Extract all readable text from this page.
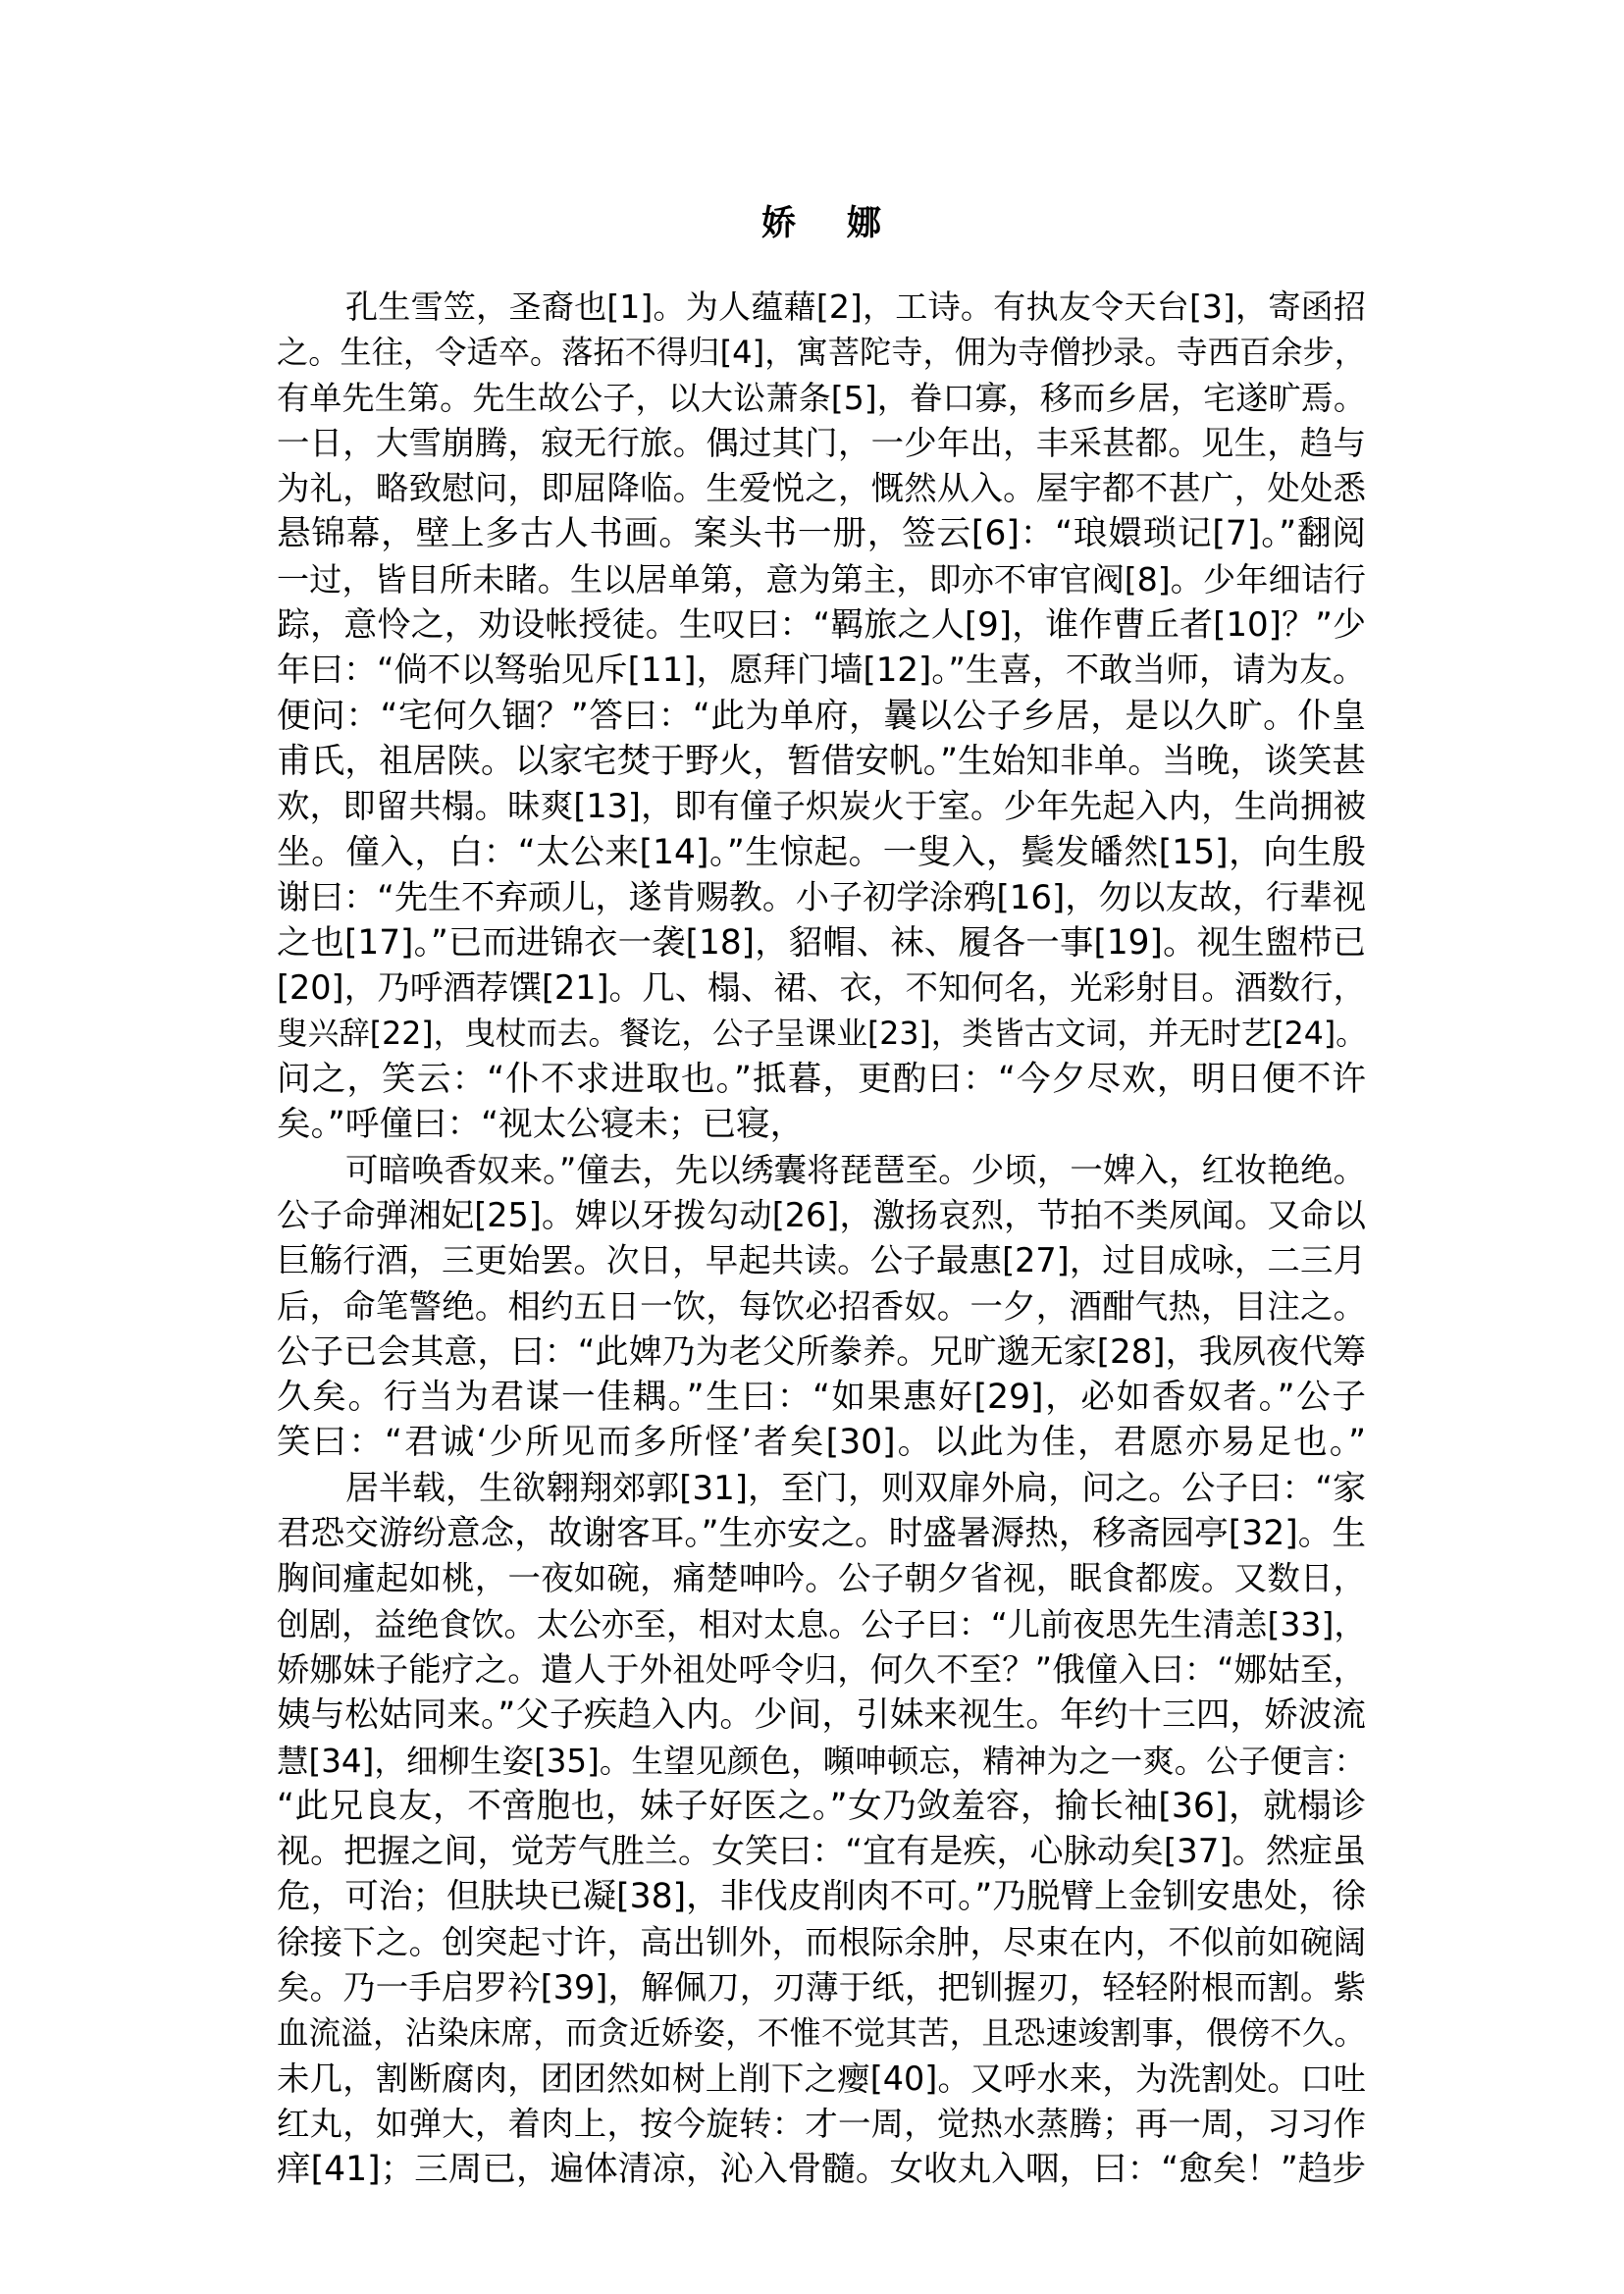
娇 娜
孔生雪笠，圣裔也[1]。为人蕴藉[2]，工诗。有执友令天台[3]，寄函招
之。生往，令适卒。落拓不得归[4]，寓菩陀寺，佣为寺僧抄录。寺西百余步，
有单先生第。先生故公子，以大讼萧条[5]，眷口寡，移而乡居，宅遂旷焉。
一日，大雪崩腾，寂无行旅。偶过其门，一少年出，丰采甚都。见生，趋与
为礼，略致慰问，即屈降临。生爱悦之，慨然从入。屋宇都不甚广，处处悉
悬锦幕，壁上多古人书画。案头书一册，签云[6]：“琅嬛琐记[7]。”翻阅
一过，皆目所未睹。生以居单第，意为第主，即亦不审官阀[8]。少年细诘行
踪，意怜之，劝设帐授徒。生叹曰：“羁旅之人[9]，谁作曹丘者[10]？”少
年曰：“倘不以驽骀见斥[11]，愿拜门墙[12]。”生喜，不敢当师，请为友。
便问：“宅何久锢？”答曰：“此为单府，曩以公子乡居，是以久旷。仆皇
甫氏，祖居陕。以家宅焚于野火，暂借安帆。”生始知非单。当晚，谈笑甚
欢，即留共榻。昧爽[13]，即有僮子炽炭火于室。少年先起入内，生尚拥被
坐。僮入，白：“太公来[14]。”生惊起。一叟入，鬓发皤然[15]，向生殷
谢曰：“先生不弃顽儿，遂肯赐教。小子初学涂鸦[16]，勿以友故，行辈视
之也[17]。”已而进锦衣一袭[18]，貂帽、袜、履各一事[19]。视生盥栉已
[20]，乃呼酒荐馔[21]。几、榻、裙、衣，不知何名，光彩射目。酒数行，
叟兴辞[22]，曳杖而去。餐讫，公子呈课业[23]，类皆古文词，并无时艺[24]。
问之，笑云：“仆不求进取也。”抵暮，更酌曰：“今夕尽欢，明日便不许
矣。”呼僮曰：“视太公寝未；已寝，
可暗唤香奴来。”僮去，先以绣囊将琵琶至。少顷，一婢入，红妆艳绝。
公子命弹湘妃[25]。婢以牙拨勾动[26]，激扬哀烈，节拍不类夙闻。又命以
巨觞行酒，三更始罢。次日，早起共读。公子最惠[27]，过目成咏，二三月
后，命笔警绝。相约五日一饮，每饮必招香奴。一夕，酒酣气热，目注之。
公子已会其意，曰：“此婢乃为老父所豢养。兄旷邈无家[28]，我夙夜代筹
久矣。行当为君谋一佳耦。”生曰：“如果惠好[29]，必如香奴者。”公子
笑曰：“君诚‘少所见而多所怪’者矣[30]。以此为佳，君愿亦易足也。”
居半载，生欲翱翔郊郭[31]，至门，则双扉外扃，问之。公子曰：“家
君恐交游纷意念，故谢客耳。”生亦安之。时盛暑溽热，移斋园亭[32]。生
胸间瘇起如桃，一夜如碗，痛楚呻吟。公子朝夕省视，眠食都废。又数日，
创剧，益绝食饮。太公亦至，相对太息。公子曰：“儿前夜思先生清恙[33]，
娇娜妹子能疗之。遣人于外祖处呼令归，何久不至？”俄僮入曰：“娜姑至，
姨与松姑同来。”父子疾趋入内。少间，引妹来视生。年约十三四，娇波流
慧[34]，细柳生姿[35]。生望见颜色，嚬呻顿忘，精神为之一爽。公子便言：
“此兄良友，不啻胞也，妹子好医之。”女乃敛羞容，揄长袖[36]，就榻诊
视。把握之间，觉芳气胜兰。女笑曰：“宜有是疾，心脉动矣[37]。然症虽
危，可治；但肤块已凝[38]，非伐皮削肉不可。”乃脱臂上金钏安患处，徐
徐接下之。创突起寸许，高出钏外，而根际余肿，尽束在内，不似前如碗阔
矣。乃一手启罗衿[39]，解佩刀，刃薄于纸，把钏握刃，轻轻附根而割。紫
血流溢，沾染床席，而贪近娇姿，不惟不觉其苦，且恐速竣割事，偎傍不久。
未几，割断腐肉，团团然如树上削下之瘿[40]。又呼水来，为洗割处。口吐
红丸，如弹大，着肉上，按今旋转：才一周，觉热水蒸腾；再一周，习习作
痒[41]；三周已，遍体清凉，沁入骨髓。女收丸入咽，曰：“愈矣！”趋步
